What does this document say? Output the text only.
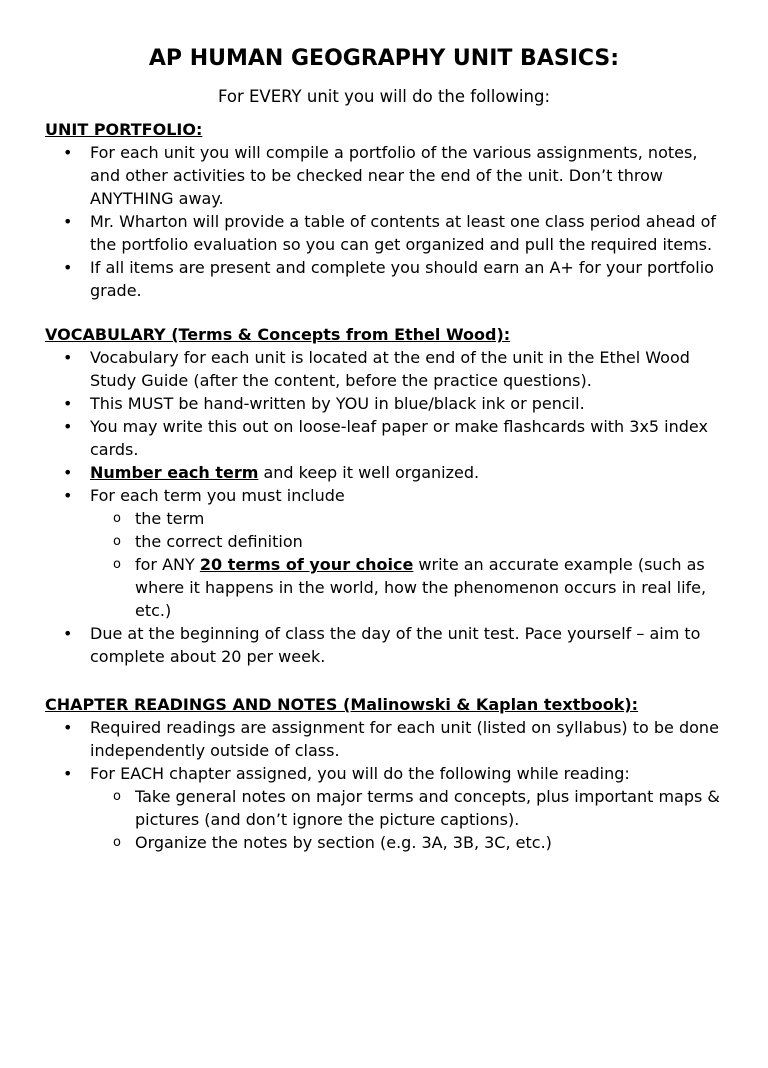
AP HUMAN GEOGRAPHY UNIT BASICS:
For EVERY unit you will do the following:
UNIT PORTFOLIO:
• For each unit you will compile a portfolio of the various assignments, notes, and other activities to be checked near the end of the unit. Don’t throw ANYTHING away.
• Mr. Wharton will provide a table of contents at least one class period ahead of the portfolio evaluation so you can get organized and pull the required items.
• If all items are present and complete you should earn an A+ for your portfolio grade.
VOCABULARY (Terms & Concepts from Ethel Wood):
• Vocabulary for each unit is located at the end of the unit in the Ethel Wood Study Guide (after the content, before the practice questions).
• This MUST be hand-written by YOU in blue/black ink or pencil.
• You may write this out on loose-leaf paper or make flashcards with 3x5 index cards.
• Number each term and keep it well organized.
• For each term you must include
o the term
o the correct definition
o for ANY 20 terms of your choice write an accurate example (such as where it happens in the world, how the phenomenon occurs in real life, etc.)
• Due at the beginning of class the day of the unit test. Pace yourself – aim to complete about 20 per week.
CHAPTER READINGS AND NOTES (Malinowski & Kaplan textbook):
• Required readings are assignment for each unit (listed on syllabus) to be done independently outside of class.
• For EACH chapter assigned, you will do the following while reading:
o Take general notes on major terms and concepts, plus important maps & pictures (and don’t ignore the picture captions).
o Organize the notes by section (e.g. 3A, 3B, 3C, etc.)
